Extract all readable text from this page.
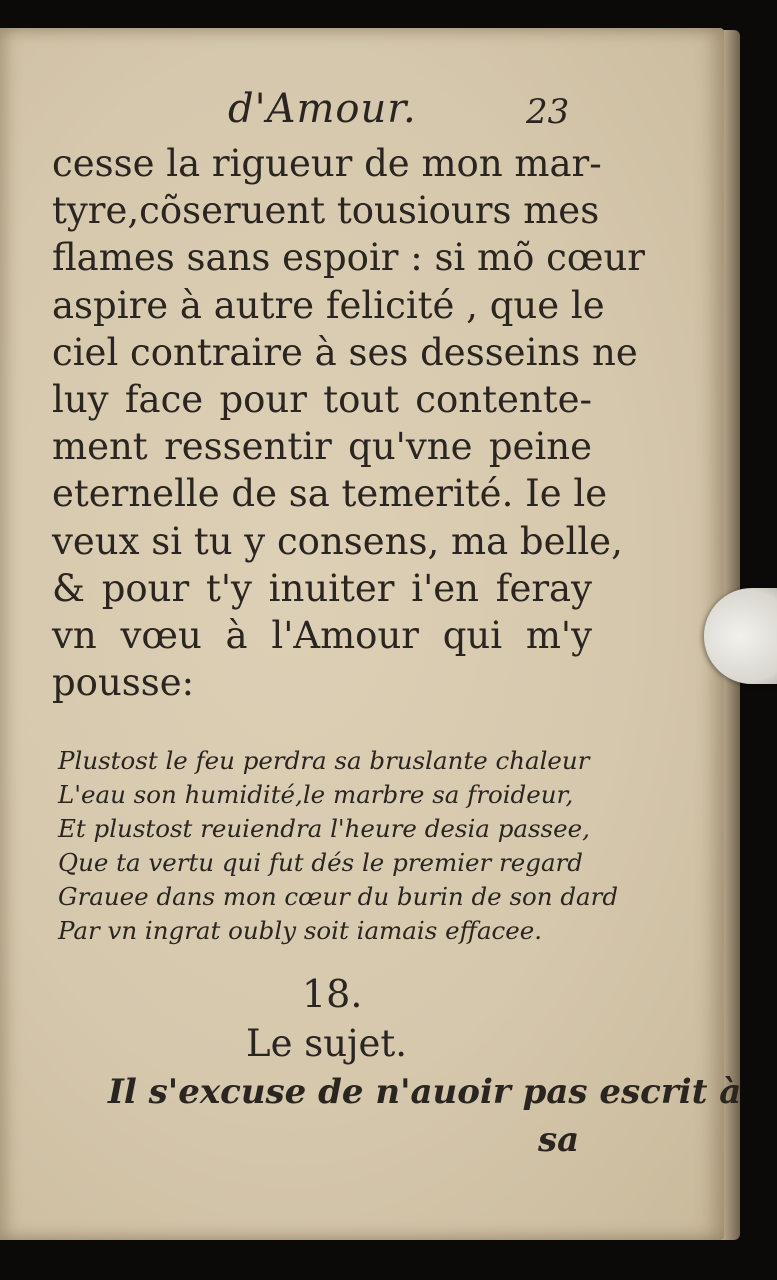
d'Amour.	23
cesse la rigueur de mon mar-
tyre,cõseruent tousiours mes
flames sans espoir : si mõ cœur
aspire à autre felicité , que le
ciel contraire à ses desseins ne
luy face pour tout contente-
ment ressentir qu'vne peine
eternelle de sa temerité. Ie le
veux si tu y consens, ma belle,
& pour t'y inuiter i'en feray
vn vœu à l'Amour qui m'y
pousse:
Plustost le feu perdra sa bruslante chaleur
L'eau son humidité,le marbre sa froideur,
Et plustost reuiendra l'heure desia passee,
Que ta vertu qui fut dés le premier regard
Grauee dans mon cœur du burin de son dard
Par vn ingrat oubly soit iamais effacee.
18.
Le sujet.
Il s'excuse de n'auoir pas escrit à
sa
